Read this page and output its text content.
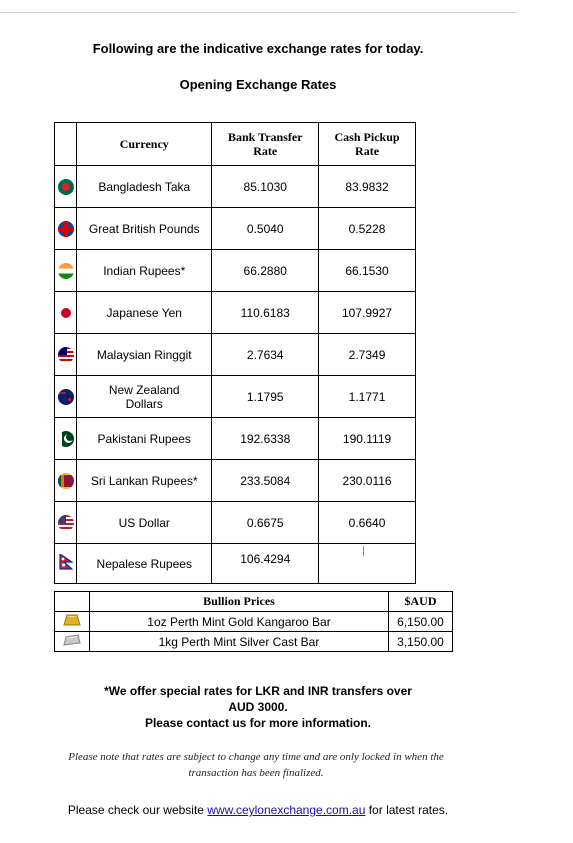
Following are the indicative exchange rates for today.
Opening Exchange Rates
	Currency	Bank Transfer Rate	Cash Pickup Rate

	Bangladesh Taka	85.1030	83.9832

	Great British Pounds	0.5040	0.5228
	Indian Rupees*	66.2880	66.1530

	Japanese Yen	110.6183	107.9927

	Malaysian Ringgit	2.7634	2.7349

	New Zealand Dollars	1.1795	1.1771

	Pakistani Rupees	192.6338	190.1119

	Sri Lankan Rupees*	233.5084	230.0116

	US Dollar	0.6675	0.6640
	Nepalese Rupees	106.4294	
	Bullion Prices	$AUD
	1oz Perth Mint Gold Kangaroo Bar	6,150.00
	1kg Perth Mint Silver Cast Bar	3,150.00
*We offer special rates for LKR and INR transfers over
AUD 3000.
Please contact us for more information.
Please note that rates are subject to change any time and are only locked in when the
transaction has been finalized.
Please check our website www.ceylonexchange.com.au for latest rates.
